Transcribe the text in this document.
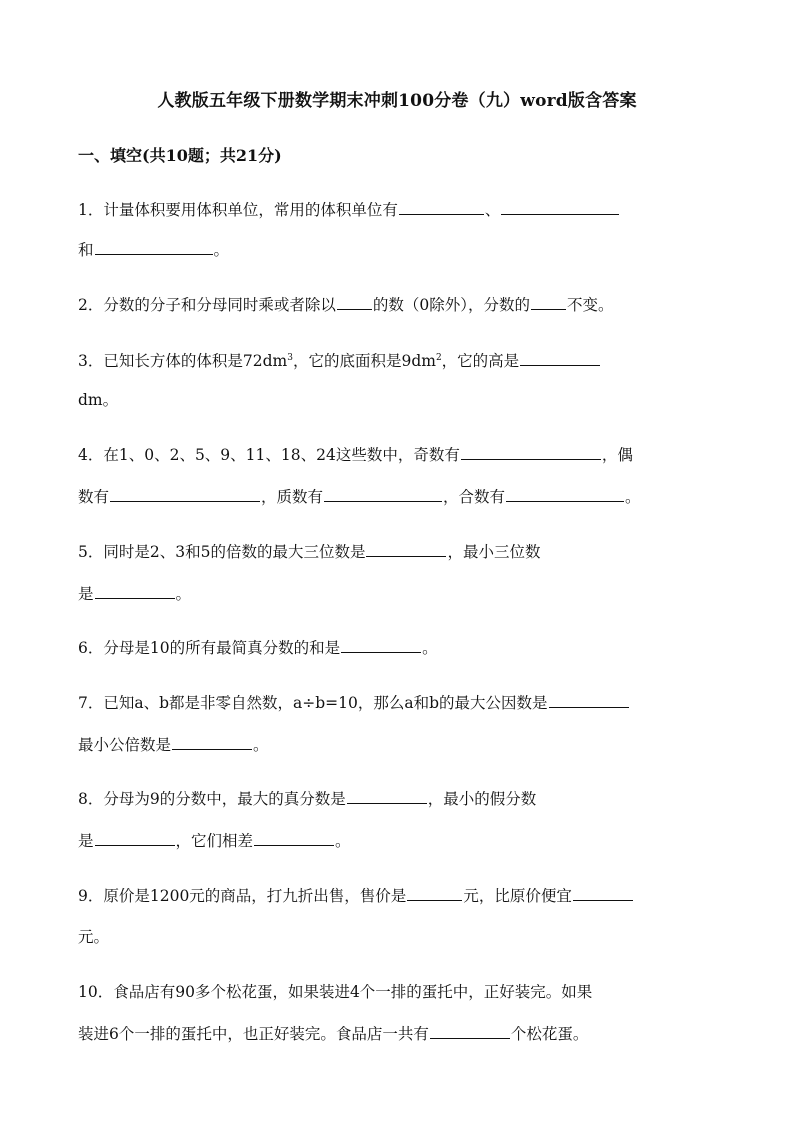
人教版五年级下册数学期末冲刺100分卷（九）word版含答案
一、填空(共10题；共21分)
1．计量体积要用体积单位，常用的体积单位有	、
和	。
2．分数的分子和分母同时乘或者除以 的数（0除外），分数的 不变。
3．已知长方体的体积是$72dm^3$，它的底面积是$9dm^2$，它的高是
dm。
4．在1、0、2、5、9、11、18、24这些数中，奇数有	，偶
数有	，质数有	，合数有	。
5．同时是2、3和5的倍数的最大三位数是	，最小三位数
是	。
6．分母是10的所有最简真分数的和是	。
7．已知a、b都是非零自然数，a÷b=10，那么a和b的最大公因数是
最小公倍数是	。
8．分母为9的分数中，最大的真分数是	，最小的假分数
是	，它们相差	。
9．原价是1200元的商品，打九折出售，售价是	元，比原价便宜
元。
10．食品店有90多个松花蛋，如果装进4个一排的蛋托中，正好装完。如果
装进6个一排的蛋托中，也正好装完。食品店一共有	个松花蛋。
